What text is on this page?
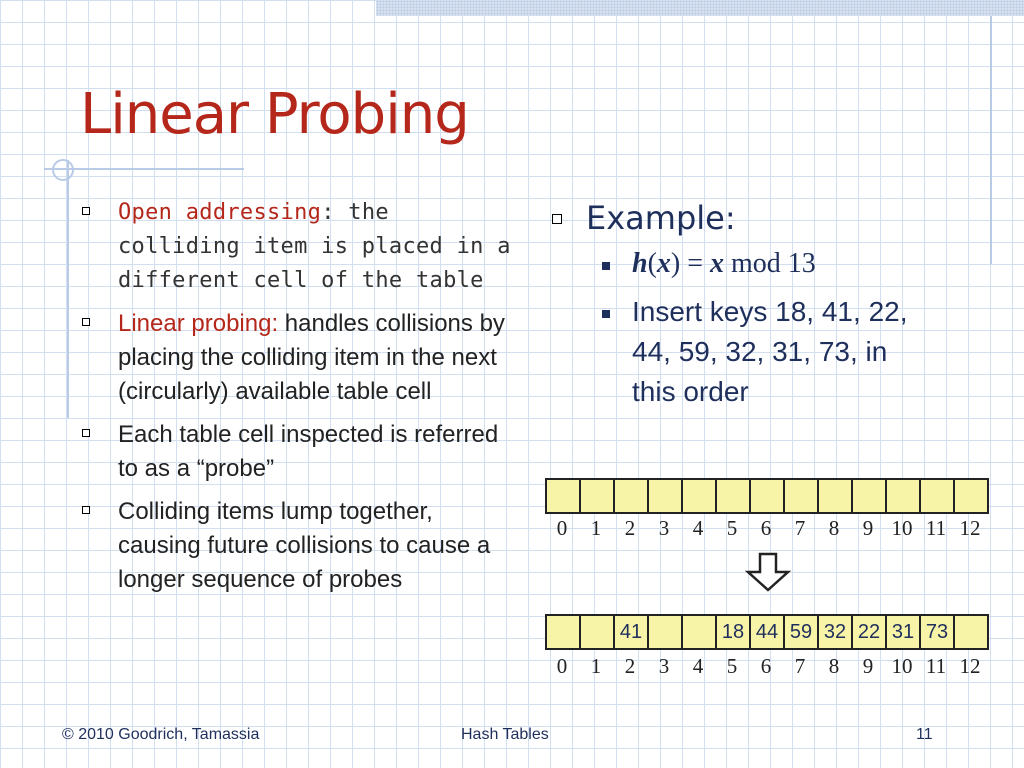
Linear Probing
Open addressing: the colliding item is placed in a different cell of the table
Linear probing: handles collisions by placing the colliding item in the next (circularly) available table cell
Each table cell inspected is referred to as a “probe”
Colliding items lump together, causing future collisions to cause a longer sequence of probes
Example:
h(x) = x mod 13
Insert keys 18, 41, 22, 44, 59, 32, 31, 73, in this order

0	1	2	3	4	5	6	7	8	9 10 11 12
		41			18	44	59	32	22	31	73	
0	1	2	3	4	5	6	7	8	9 10 11 12
© 2010 Goodrich, Tamassia	Hash Tables	11
